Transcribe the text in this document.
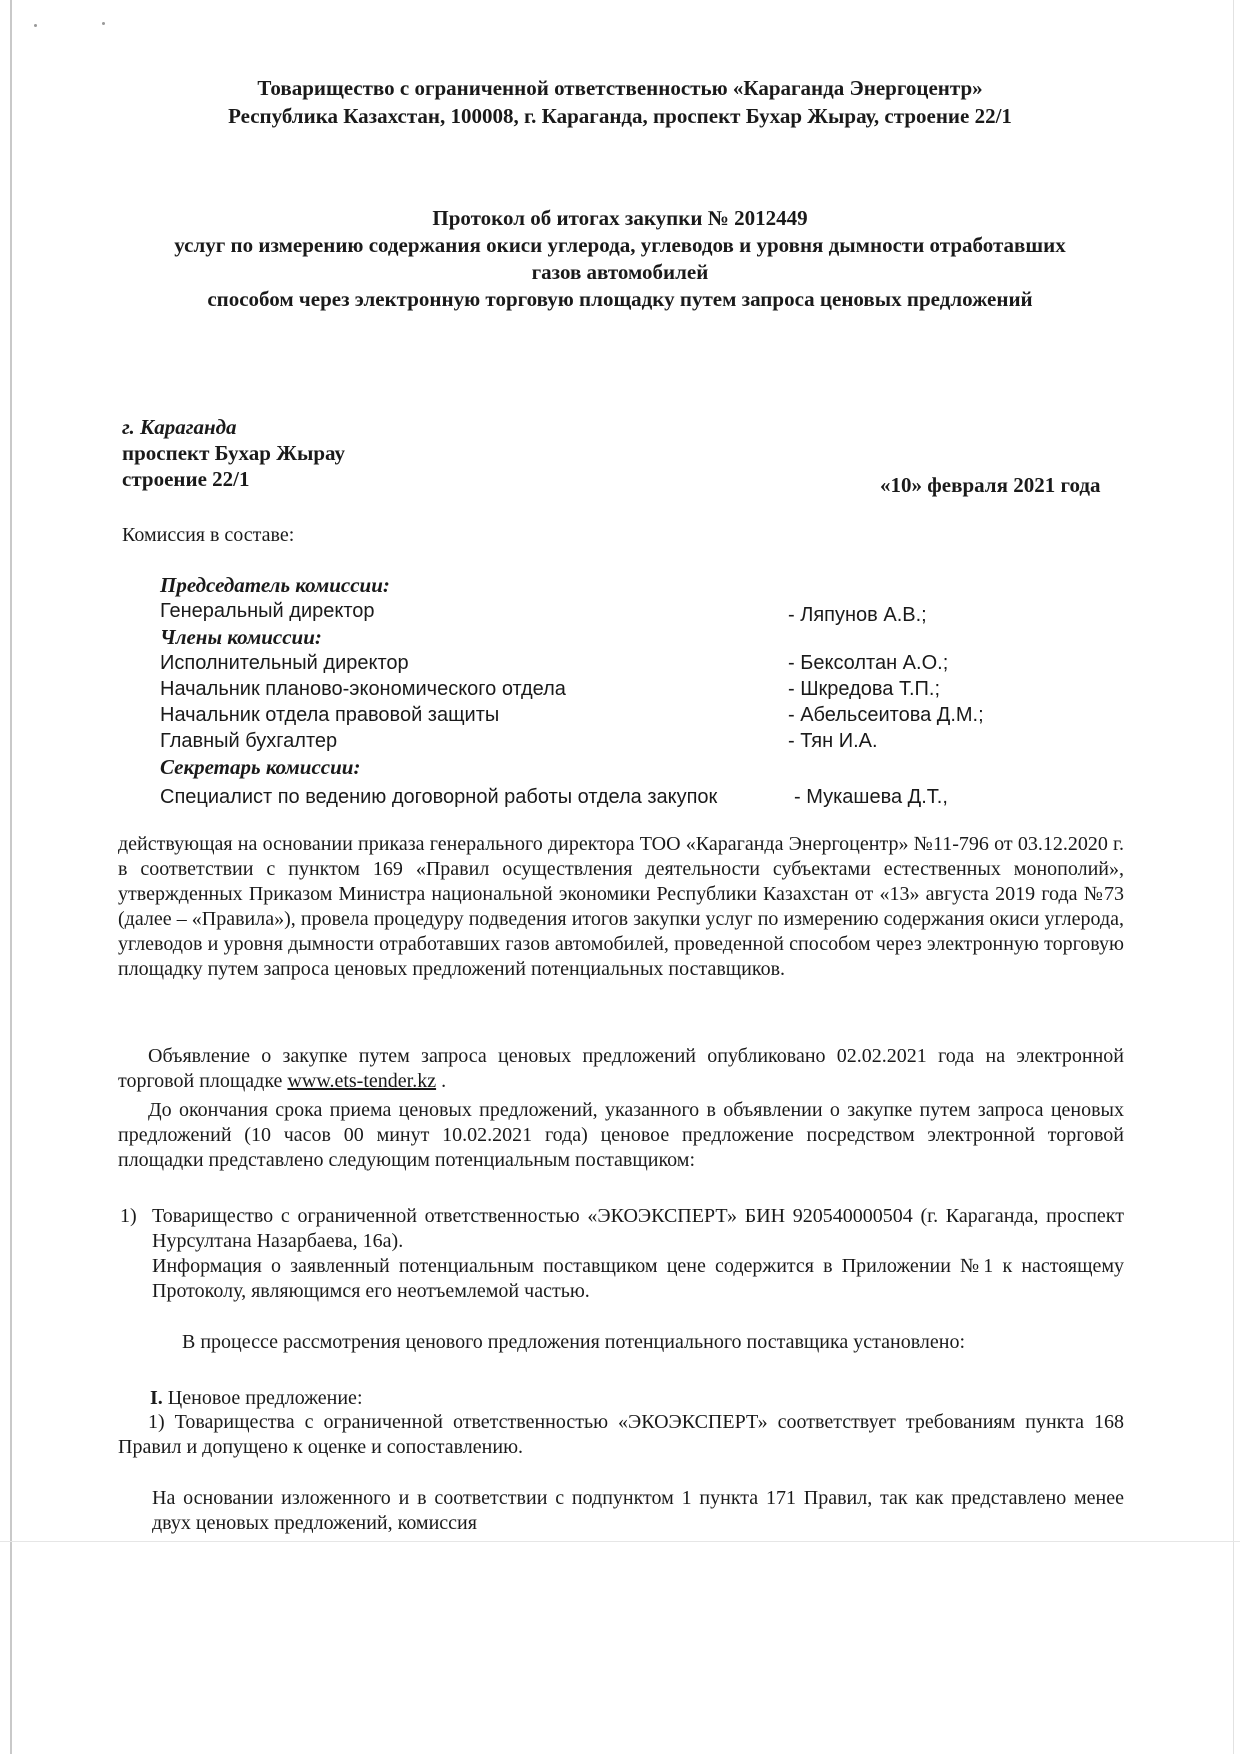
Товарищество с ограниченной ответственностью «Караганда Энергоцентр»
Республика Казахстан, 100008, г. Караганда, проспект Бухар Жырау, строение 22/1
Протокол об итогах закупки № 2012449
услуг по измерению содержания окиси углерода, углеводов и уровня дымности отработавших
газов автомобилей
способом через электронную торговую площадку путем запроса ценовых предложений
г. Караганда
проспект Бухар Жырау
строение 22/1	«10» февраля 2021 года
Комиссия в составе:
Председатель комиссии:
Генеральный директор	- Ляпунов А.В.;
Члены комиссии:
Исполнительный директор	- Бексолтан А.О.;
Начальник планово-экономического отдела	- Шкредова Т.П.;
Начальник отдела правовой защиты	- Абельсеитова Д.М.;
Главный бухгалтер	- Тян И.А.
Секретарь комиссии:
Специалист по ведению договорной работы отдела закупок	- Мукашева Д.Т.,
действующая на основании приказа генерального директора ТОО «Караганда Энергоцентр» №11-796 от 03.12.2020 г. в соответствии с пунктом 169 «Правил осуществления деятельности субъектами естественных монополий», утвержденных Приказом Министра национальной экономики Республики Казахстан от «13» августа 2019 года №73 (далее – «Правила»), провела процедуру подведения итогов закупки услуг по измерению содержания окиси углерода, углеводов и уровня дымности отработавших газов автомобилей, проведенной способом через электронную торговую площадку путем запроса ценовых предложений потенциальных поставщиков.
Объявление о закупке путем запроса ценовых предложений опубликовано 02.02.2021 года на электронной торговой площадке www.ets-tender.kz .
До окончания срока приема ценовых предложений, указанного в объявлении о закупке путем запроса ценовых предложений (10 часов 00 минут 10.02.2021 года) ценовое предложение посредством электронной торговой площадки представлено следующим потенциальным поставщиком:
1) Товарищество с ограниченной ответственностью «ЭКОЭКСПЕРТ» БИН 920540000504 (г. Караганда, проспект Нурсултана Назарбаева, 16а).

Информация о заявленный потенциальным поставщиком цене содержится в Приложении №1 к настоящему Протоколу, являющимся его неотъемлемой частью.

В процессе рассмотрения ценового предложения потенциального поставщика установлено:
I. Ценовое предложение:
1) Товарищества с ограниченной ответственностью «ЭКОЭКСПЕРТ» соответствует требованиям пункта 168 Правил и допущено к оценке и сопоставлению.
На основании изложенного и в соответствии с подпунктом 1 пункта 171 Правил, так как представлено менее двух ценовых предложений, комиссия
